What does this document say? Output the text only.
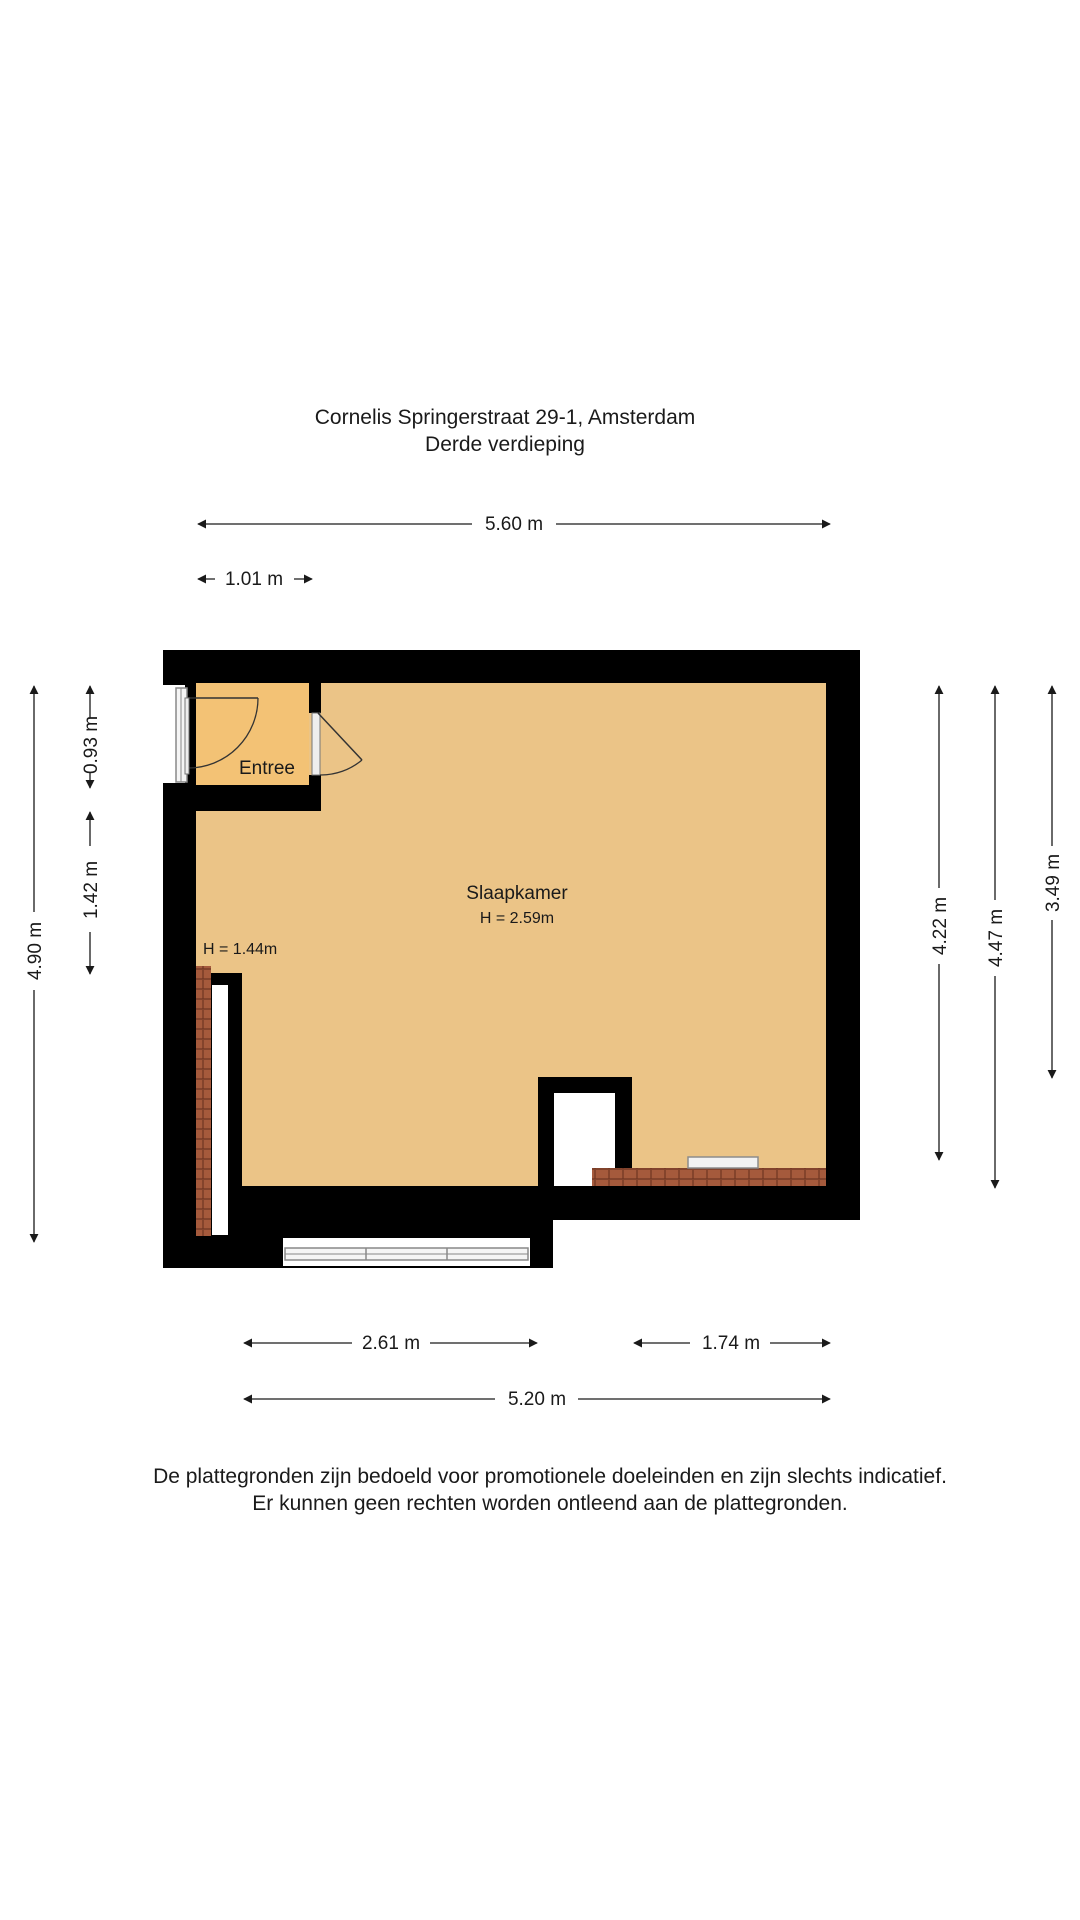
Cornelis Springerstraat 29-1, Amsterdam
Derde verdieping
Entree
Slaapkamer
H = 2.59m
H = 1.44m
5.60 m
1.01 m
4.90 m
0.93 m
1.42 m
4.22 m 4.47 m
3.49 m
2.61 m	1.74 m
5.20 m
De plattegronden zijn bedoeld voor promotionele doeleinden en zijn slechts indicatief.
Er kunnen geen rechten worden ontleend aan de plattegronden.
